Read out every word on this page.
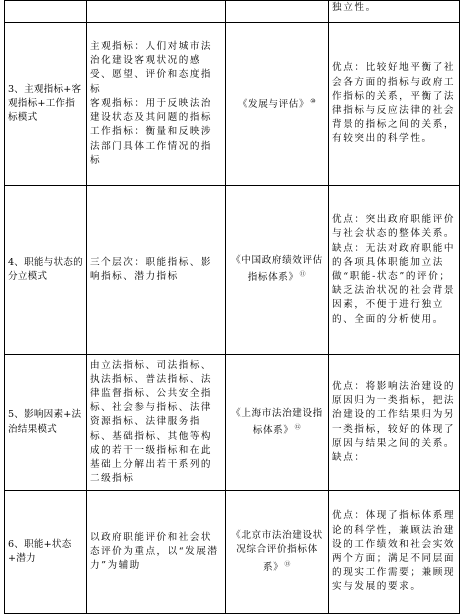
			独立性。

3、主观指标+客观指标+工作指标模式	主观指标：人们对城市法治化建设客观状况的感受、愿望、评价和态度指标
客观指标：用于反映法治建设状态及其问题的指标
工作指标：衡量和反映涉法部门具体工作情况的指标	《发展与评估》⑩	优点：比较好地平衡了社会各方面的指标与政府工作指标的关系，平衡了法律指标与反应法律的社会背景的指标之间的关系，有较突出的科学性。

4、职能与状态的分立模式	三个层次：职能指标、影响指标、潜力指标	《中国政府绩效评估指标体系》⑪	优点：突出政府职能评价与社会状态的整体关系。
缺点：无法对政府职能中的各项具体职能加立法做“职能-状态”的评价；缺乏法治状况的社会背景因素，不便于进行独立的、全面的分析使用。

5、影响因素+法治结果模式	由立法指标、司法指标、执法指标、普法指标、法律监督指标、公共安全指标、社会参与指标、法律资源指标、法律服务指标、基础指标、其他等构成的若干一级指标和在此基础上分解出若干系列的二级指标	《上海市法治建设指标体系》⑫	优点：将影响法治建设的原因归为一类指标，把法治建设的工作结果归为另一类指标，较好的体现了原因与结果之间的关系。
缺点：

6、职能+状态+潜力	以政府职能评价和社会状态评价为重点，以“发展潜力”为辅助	《北京市法治建设状况综合评价指标体系》⑬	优点：体现了指标体系理论的科学性，兼顾法治建设的工作绩效和社会实效两个方面；满足不同层面的现实工作需要；兼顾现实与发展的要求。
